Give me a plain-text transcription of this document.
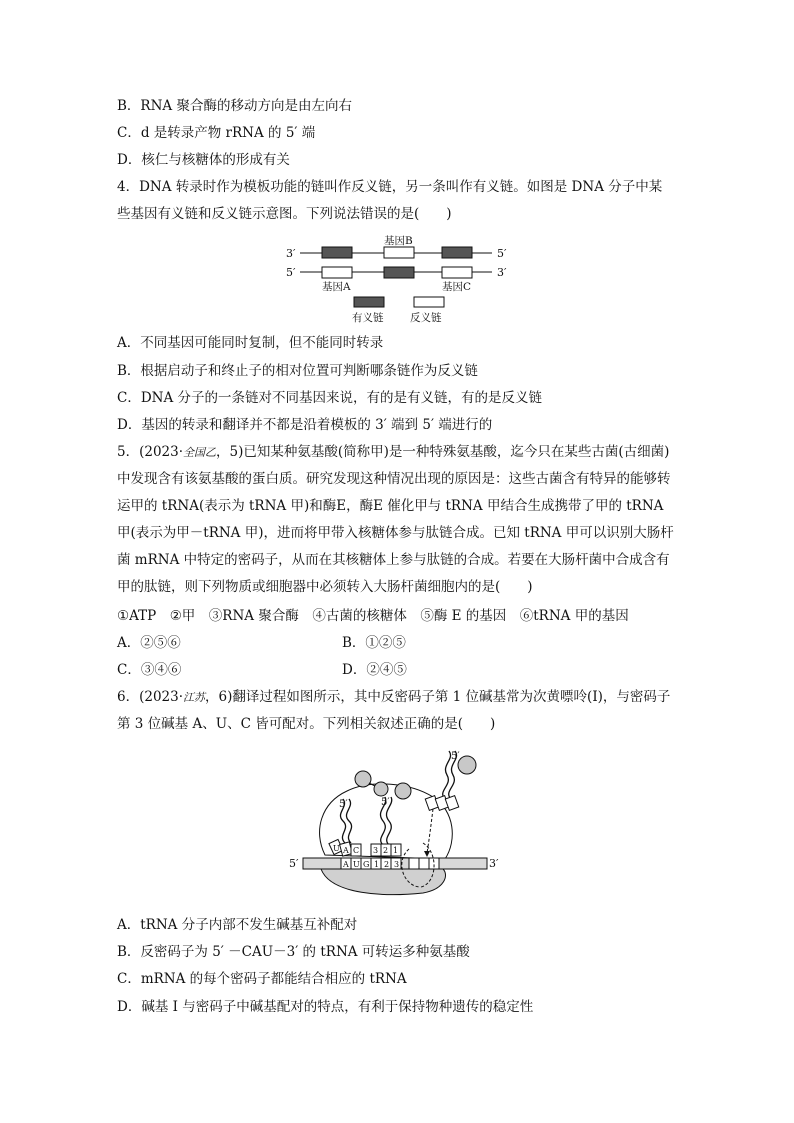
B．RNA 聚合酶的移动方向是由左向右
C．d 是转录产物 rRNA 的 5′ 端
D．核仁与核糖体的形成有关
4．DNA 转录时作为模板功能的链叫作反义链，另一条叫作有义链。如图是 DNA 分子中某
些基因有义链和反义链示意图。下列说法错误的是(　　)
3′	5′
基因B
5′	3′
基因A	基因C
有义链	反义链
A．不同基因可能同时复制，但不能同时转录
B．根据启动子和终止子的相对位置可判断哪条链作为反义链
C．DNA 分子的一条链对不同基因来说，有的是有义链，有的是反义链
D．基因的转录和翻译并不都是沿着模板的 3′ 端到 5′ 端进行的
5．(2023·全国乙，5)已知某种氨基酸(简称甲)是一种特殊氨基酸，迄今只在某些古菌(古细菌)中发现含有该氨基酸的蛋白质。研究发现这种情况出现的原因是：这些古菌含有特异的能够转运甲的 tRNA(表示为 tRNA 甲)和酶E，酶E 催化甲与 tRNA 甲结合生成携带了甲的 tRNA 甲(表示为甲－tRNA 甲)，进而将甲带入核糖体参与肽链合成。已知 tRNA 甲可以识别大肠杆菌 mRNA 中特定的密码子，从而在其核糖体上参与肽链的合成。若要在大肠杆菌中合成含有甲的肽链，则下列物质或细胞器中必须转入大肠杆菌细胞内的是(　　)
①ATP　②甲　③RNA 聚合酶　④古菌的核糖体　⑤酶 E 的基因　⑥tRNA 甲的基因
A．②⑤⑥	B．①②⑤
C．③④⑥	D．②④⑤
6．(2023·江苏，6)翻译过程如图所示，其中反密码子第 1 位碱基常为次黄嘌呤(I)，与密码子第 3 位碱基 A、U、C 皆可配对。下列相关叙述正确的是(　　)
5′	3′
A U G 1 2 3
U A C
5′
3 2 1
5′
5′
A．tRNA 分子内部不发生碱基互补配对
B．反密码子为 5′ －CAU－3′ 的 tRNA 可转运多种氨基酸
C．mRNA 的每个密码子都能结合相应的 tRNA
D．碱基 I 与密码子中碱基配对的特点，有利于保持物种遗传的稳定性
